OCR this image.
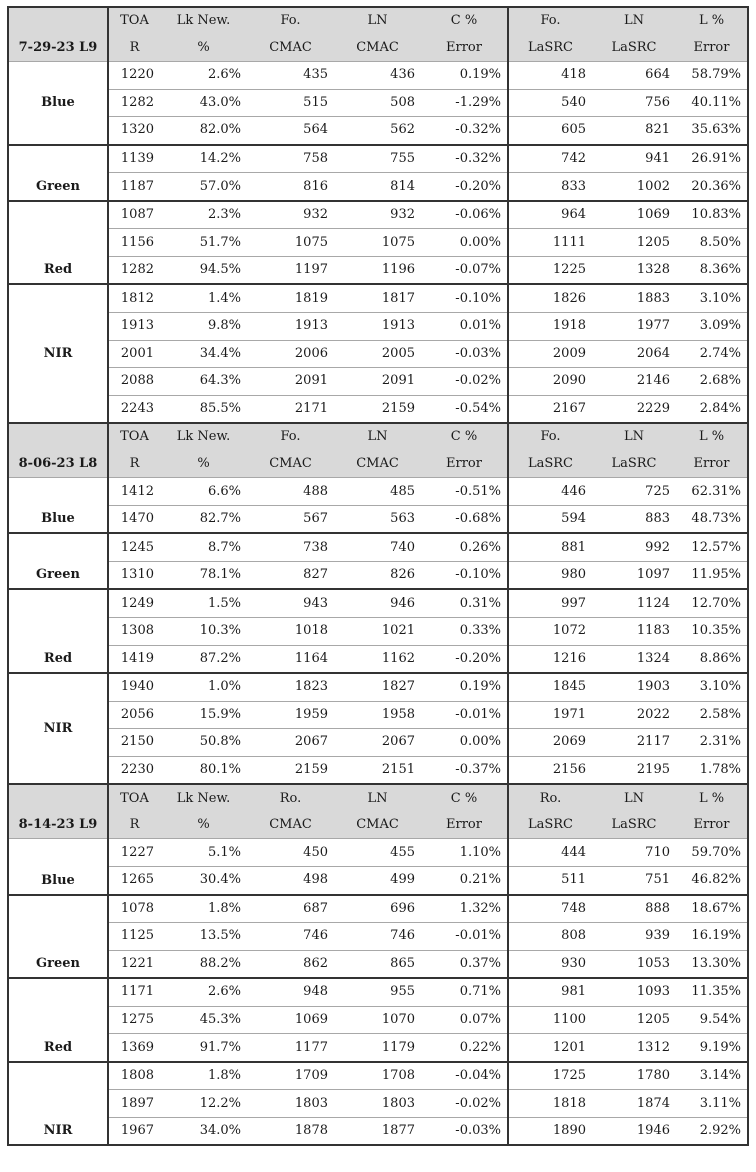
7-29-23 L9	TOA	Lk New.	Fo.	LN	C %	Fo.	LN	L %
	R	%	CMAC	CMAC	Error	LaSRC	LaSRC	Error
Blue	1220	2.6%	435	436	0.19%	418	664	58.79%
	1282	43.0%	515	508	-1.29%	540	756	40.11%
	1320	82.0%	564	562	-0.32%	605	821	35.63%
Green	1139	14.2%	758	755	-0.32%	742	941	26.91%
	1187	57.0%	816	814	-0.20%	833	1002	20.36%
Red	1087	2.3%	932	932	-0.06%	964	1069	10.83%
	1156	51.7%	1075	1075	0.00%	1111	1205	8.50%
	1282	94.5%	1197	1196	-0.07%	1225	1328	8.36%
NIR	1812	1.4%	1819	1817	-0.10%	1826	1883	3.10%
	1913	9.8%	1913	1913	0.01%	1918	1977	3.09%
	2001	34.4%	2006	2005	-0.03%	2009	2064	2.74%
	2088	64.3%	2091	2091	-0.02%	2090	2146	2.68%
	2243	85.5%	2171	2159	-0.54%	2167	2229	2.84%
8-06-23 L8	TOA	Lk New.	Fo.	LN	C %	Fo.	LN	L %
	R	%	CMAC	CMAC	Error	LaSRC	LaSRC	Error
Blue	1412	6.6%	488	485	-0.51%	446	725	62.31%
	1470	82.7%	567	563	-0.68%	594	883	48.73%
Green	1245	8.7%	738	740	0.26%	881	992	12.57%
	1310	78.1%	827	826	-0.10%	980	1097	11.95%
Red	1249	1.5%	943	946	0.31%	997	1124	12.70%
	1308	10.3%	1018	1021	0.33%	1072	1183	10.35%
	1419	87.2%	1164	1162	-0.20%	1216	1324	8.86%
NIR	1940	1.0%	1823	1827	0.19%	1845	1903	3.10%
	2056	15.9%	1959	1958	-0.01%	1971	2022	2.58%
	2150	50.8%	2067	2067	0.00%	2069	2117	2.31%
	2230	80.1%	2159	2151	-0.37%	2156	2195	1.78%
8-14-23 L9	TOA	Lk New.	Ro.	LN	C %	Ro.	LN	L %
	R	%	CMAC	CMAC	Error	LaSRC	LaSRC	Error
Blue	1227	5.1%	450	455	1.10%	444	710	59.70%
	1265	30.4%	498	499	0.21%	511	751	46.82%
Green	1078	1.8%	687	696	1.32%	748	888	18.67%
	1125	13.5%	746	746	-0.01%	808	939	16.19%
	1221	88.2%	862	865	0.37%	930	1053	13.30%
Red	1171	2.6%	948	955	0.71%	981	1093	11.35%
	1275	45.3%	1069	1070	0.07%	1100	1205	9.54%
	1369	91.7%	1177	1179	0.22%	1201	1312	9.19%
NIR	1808	1.8%	1709	1708	-0.04%	1725	1780	3.14%
	1897	12.2%	1803	1803	-0.02%	1818	1874	3.11%
	1967	34.0%	1878	1877	-0.03%	1890	1946	2.92%
